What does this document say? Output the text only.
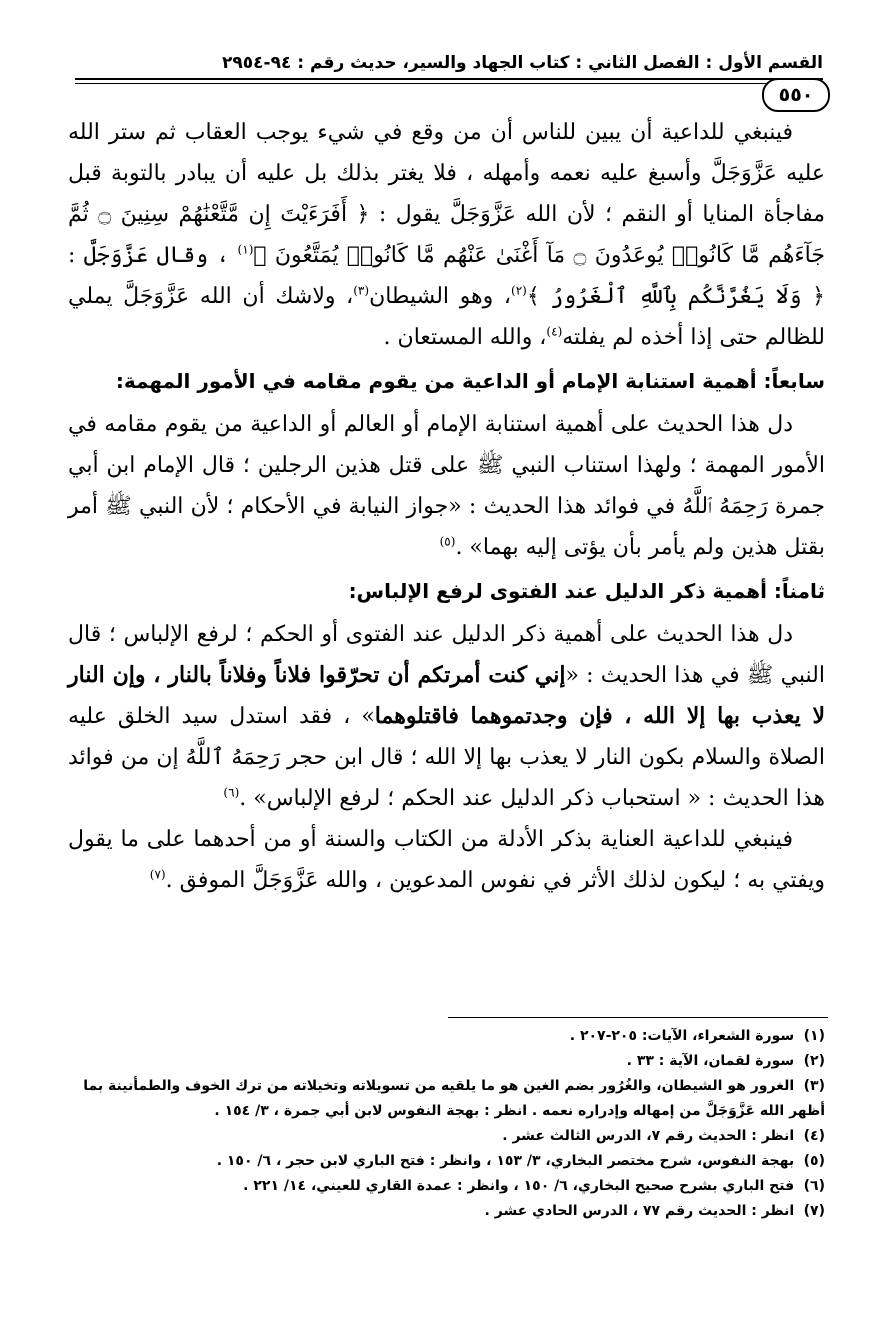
القسم الأول : الفصل الثاني : كتاب الجهاد والسير، حديث رقم : ٩٤-٢٩٥٤
٥٥٠

فينبغي للداعية أن يبين للناس أن من وقع في شيء يوجب العقاب ثم ستر الله عليه عَزَّوَجَلَّ وأسبغ عليه نعمه وأمهله ، فلا يغتر بذلك بل عليه أن يبادر بالتوبة قبل مفاجأة المنايا أو النقم ؛ لأن الله عَزَّوَجَلَّ يقول : ﴿ أَفَرَءَيْتَ إِن مَّتَّعْنَٰهُمْ سِنِينَ ۝ ثُمَّ جَآءَهُم مَّا كَانُوا۟ يُوعَدُونَ ۝ مَآ أَغْنَىٰ عَنْهُم مَّا كَانُوا۟ يُمَتَّعُونَ ﴾$^{(١)}$ ، وقال عَزَّوَجَلَّ : ﴿ وَلَا يَغُرَّنَّكُم بِٱللَّهِ ٱلْغَرُورُ ﴾$^{(٢)}$، وهو الشيطان$^{(٣)}$، ولاشك أن الله عَزَّوَجَلَّ يملي للظالم حتى إذا أخذه لم يفلته$^{(٤)}$، والله المستعان .

سابعاً: أهمية استنابة الإمام أو الداعية من يقوم مقامه في الأمور المهمة:

دل هذا الحديث على أهمية استنابة الإمام أو العالم أو الداعية من يقوم مقامه في الأمور المهمة ؛ ولهذا استناب النبي ﷺ على قتل هذين الرجلين ؛ قال الإمام ابن أبي جمرة رَحِمَهُ ٱللَّهُ في فوائد هذا الحديث : «جواز النيابة في الأحكام ؛ لأن النبي ﷺ أمر بقتل هذين ولم يأمر بأن يؤتى إليه بهما» .$^{(٥)}$

ثامناً: أهمية ذكر الدليل عند الفتوى لرفع الإلباس:

دل هذا الحديث على أهمية ذكر الدليل عند الفتوى أو الحكم ؛ لرفع الإلباس ؛ قال النبي ﷺ في هذا الحديث : «إني كنت أمرتكم أن تحرّقوا فلاناً وفلاناً بالنار ، وإن النار لا يعذب بها إلا الله ، فإن وجدتموهما فاقتلوهما» ، فقد استدل سيد الخلق عليه الصلاة والسلام بكون النار لا يعذب بها إلا الله ؛ قال ابن حجر رَحِمَهُ ٱللَّهُ إن من فوائد هذا الحديث : « استحباب ذكر الدليل عند الحكم ؛ لرفع الإلباس» .$^{(٦)}$

فينبغي للداعية العناية بذكر الأدلة من الكتاب والسنة أو من أحدهما على ما يقول ويفتي به ؛ ليكون لذلك الأثر في نفوس المدعوين ، والله عَزَّوَجَلَّ الموفق .$^{(٧)}$

(١) سورة الشعراء، الآيات: ٢٠٥-٢٠٧ .

(٢) سورة لقمان، الآية : ٣٣ .

(٣) الغرور هو الشيطان، والغُرُور بضم الغين هو ما يلقيه من تسويلاته وتخيلاته من ترك الخوف والطمأنينة بما أظهر الله عَزَّوَجَلَّ من إمهاله وإدراره نعمه . انظر : بهجة النفوس لابن أبي جمرة ، ٣/ ١٥٤ .

(٤) انظر : الحديث رقم ٧، الدرس الثالث عشر .

(٥) بهجة النفوس، شرح مختصر البخاري، ٣/ ١٥٣ ، وانظر : فتح الباري لابن حجر ، ٦/ ١٥٠ .

(٦) فتح الباري بشرح صحيح البخاري، ٦/ ١٥٠ ، وانظر : عمدة القاري للعيني، ١٤/ ٢٢١ .

(٧) انظر : الحديث رقم ٧٧ ، الدرس الحادي عشر .
